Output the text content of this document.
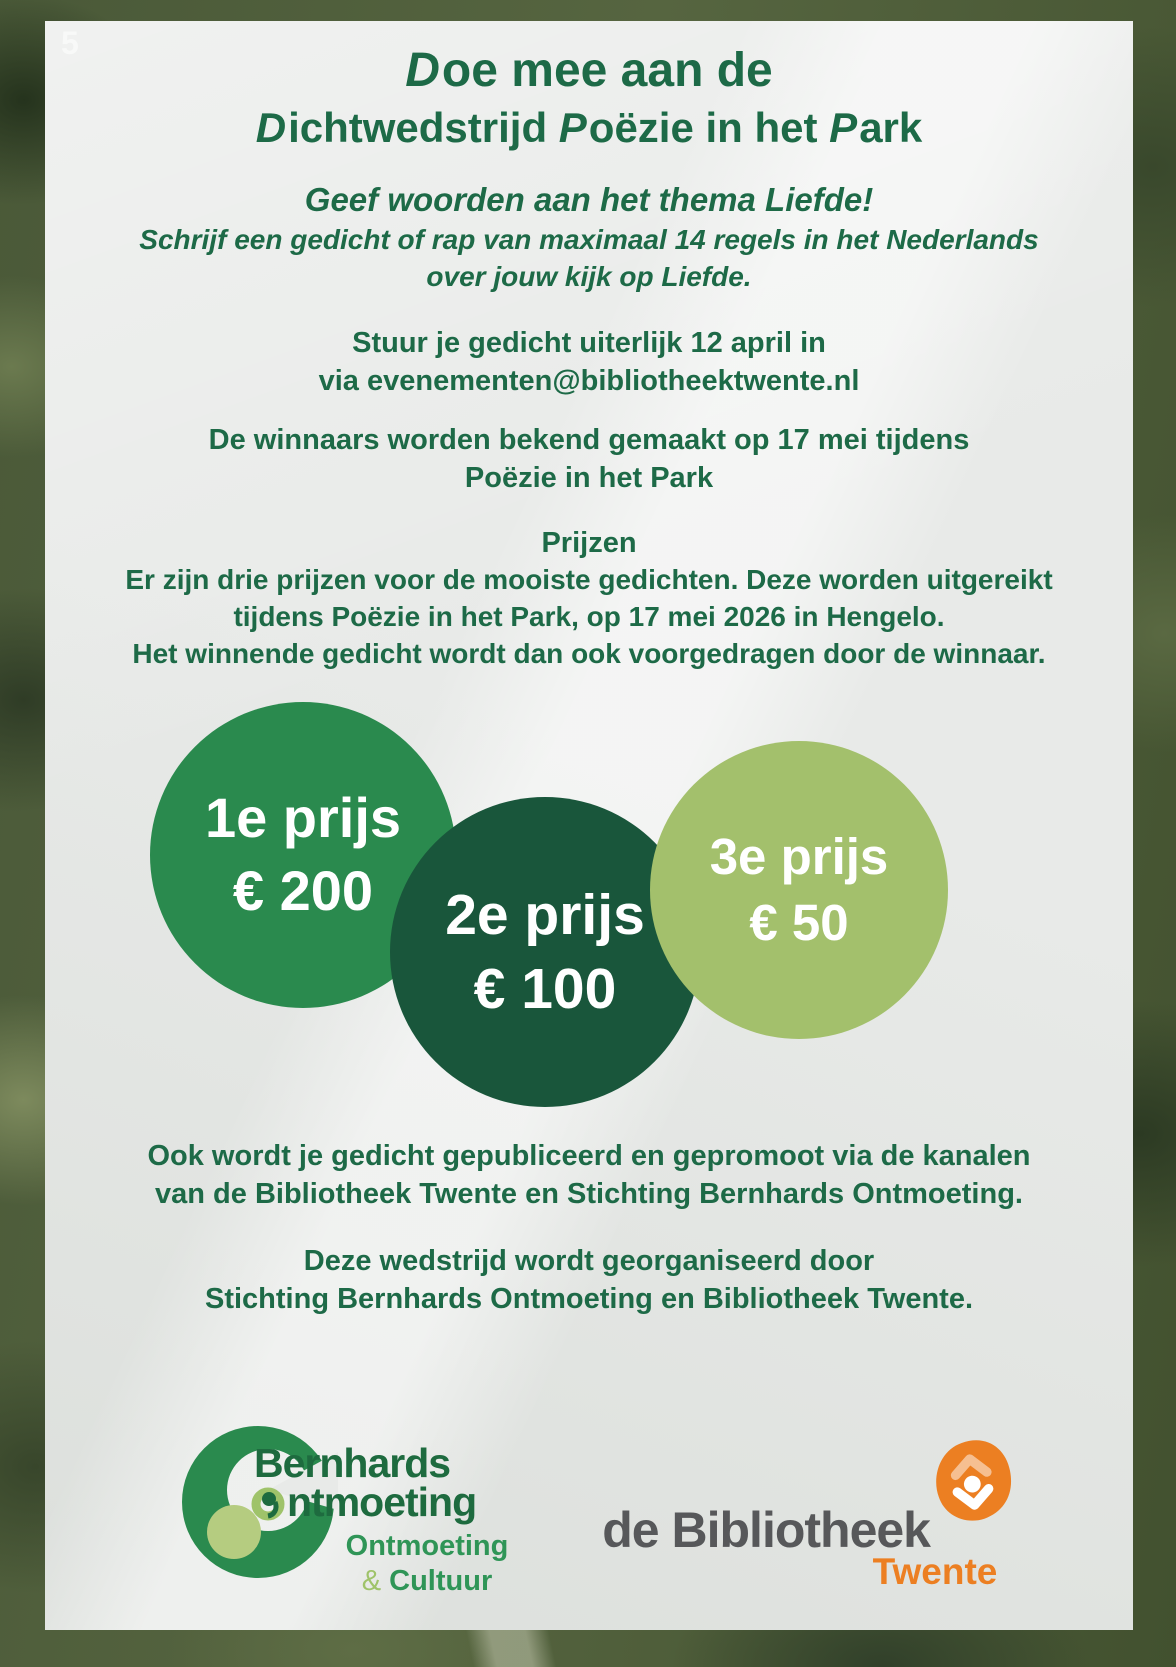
5
Doe mee aan de
Dichtwedstrijd Poëzie in het Park
Geef woorden aan het thema Liefde!
Schrijf een gedicht of rap van maximaal 14 regels in het Nederlands
over jouw kijk op Liefde.
Stuur je gedicht uiterlijk 12 april in
via evenementen@bibliotheektwente.nl
De winnaars worden bekend gemaakt op 17 mei tijdens
Poëzie in het Park
Prijzen
Er zijn drie prijzen voor de mooiste gedichten. Deze worden uitgereikt
tijdens Poëzie in het Park, op 17 mei 2026 in Hengelo.
Het winnende gedicht wordt dan ook voorgedragen door de winnaar.
1e prijs
€ 200 2e prijs
€ 100
3e prijs
€ 50
Ook wordt je gedicht gepubliceerd en gepromoot via de kanalen
van de Bibliotheek Twente en Stichting Bernhards Ontmoeting.
Deze wedstrijd wordt georganiseerd door
Stichting Bernhards Ontmoeting en Bibliotheek Twente.
Bernhards
ntmoeting
Ontmoeting
& Cultuur
de Bibliotheek
Twente
